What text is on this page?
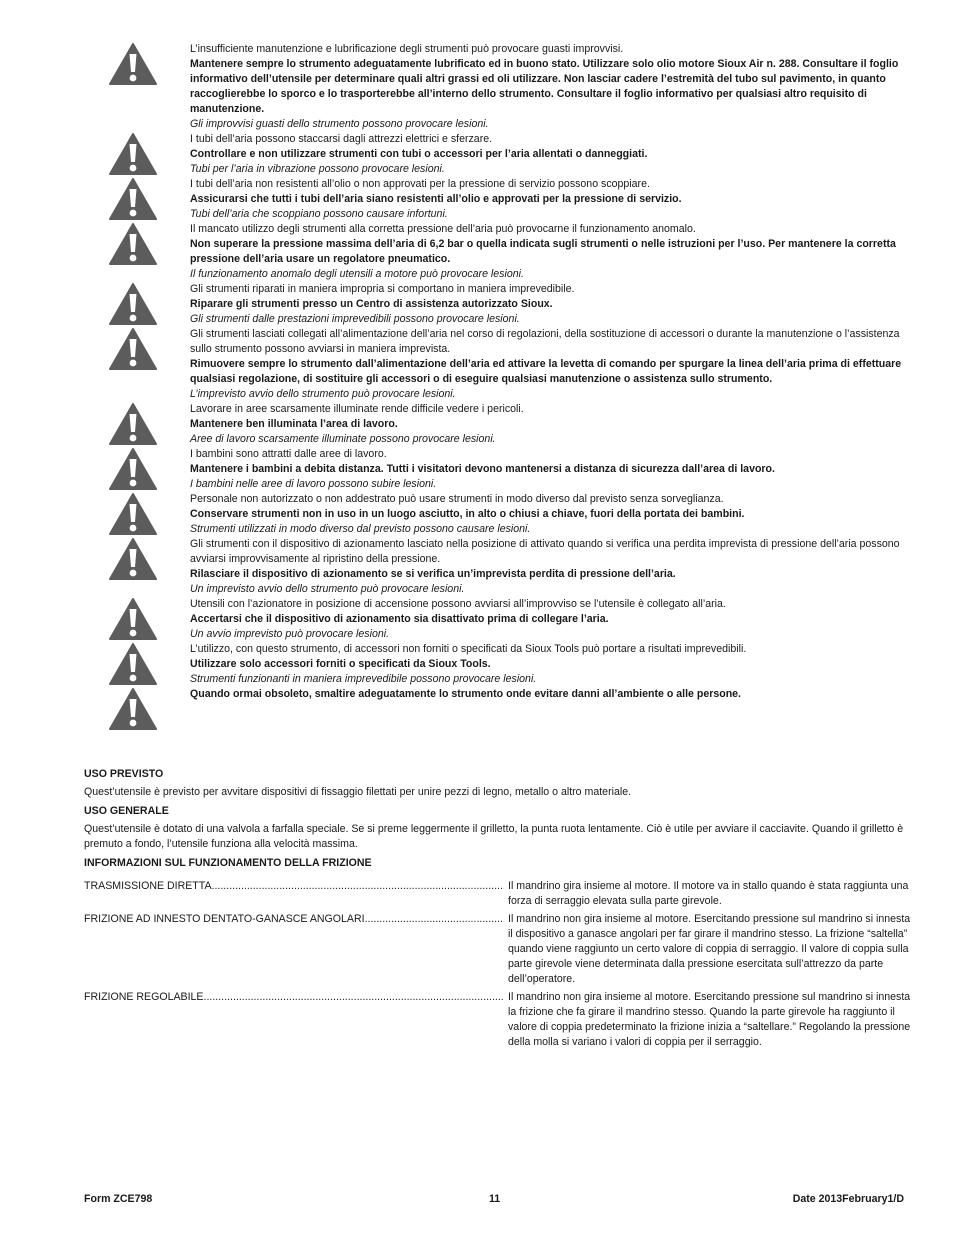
L’insufficiente manutenzione e lubrificazione degli strumenti può provocare guasti improvvisi.

Mantenere sempre lo strumento adeguatamente lubrificato ed in buono stato. Utilizzare solo olio motore Sioux Air n. 288. Consultare il foglio informativo dell’utensile per determinare quali altri grassi ed oli utilizzare. Non lasciar cadere l’estremità del tubo sul pavimento, in quanto raccoglierebbe lo sporco e lo trasporterebbe all’interno dello strumento. Consultare il foglio informativo per qualsiasi altro requisito di manutenzione.

Gli improvvisi guasti dello strumento possono provocare lesioni.

I tubi dell’aria possono staccarsi dagli attrezzi elettrici e sferzare.

Controllare e non utilizzare strumenti con tubi o accessori per l’aria allentati o danneggiati.

Tubi per l’aria in vibrazione possono provocare lesioni.

I tubi dell’aria non resistenti all’olio o non approvati per la pressione di servizio possono scoppiare.

Assicurarsi che tutti i tubi dell’aria siano resistenti all’olio e approvati per la pressione di servizio.

Tubi dell’aria che scoppiano possono causare infortuni.

Il mancato utilizzo degli strumenti alla corretta pressione dell’aria può provocarne il funzionamento anomalo.

Non superare la pressione massima dell’aria di 6,2 bar o quella indicata sugli strumenti o nelle istruzioni per l’uso. Per mantenere la corretta pressione dell’aria usare un regolatore pneumatico.

Il funzionamento anomalo degli utensili a motore può provocare lesioni.

Gli strumenti riparati in maniera impropria si comportano in maniera imprevedibile.

Riparare gli strumenti presso un Centro di assistenza autorizzato Sioux.

Gli strumenti dalle prestazioni imprevedibili possono provocare lesioni.

Gli strumenti lasciati collegati all’alimentazione dell’aria nel corso di regolazioni, della sostituzione di accessori o durante la manutenzione o l’assistenza sullo strumento possono avviarsi in maniera imprevista.

Rimuovere sempre lo strumento dall’alimentazione dell’aria ed attivare la levetta di comando per spurgare la linea dell’aria prima di effettuare qualsiasi regolazione, di sostituire gli accessori o di eseguire qualsiasi manutenzione o assistenza sullo strumento.

L’imprevisto avvio dello strumento può provocare lesioni.

Lavorare in aree scarsamente illuminate rende difficile vedere i pericoli.

Mantenere ben illuminata l’area di lavoro.

Aree di lavoro scarsamente illuminate possono provocare lesioni.

I bambini sono attratti dalle aree di lavoro.

Mantenere i bambini a debita distanza. Tutti i visitatori devono mantenersi a distanza di sicurezza dall’area di lavoro.

I bambini nelle aree di lavoro possono subire lesioni.

Personale non autorizzato o non addestrato può usare strumenti in modo diverso dal previsto senza sorveglianza.

Conservare strumenti non in uso in un luogo asciutto, in alto o chiusi a chiave, fuori della portata dei bambini.

Strumenti utilizzati in modo diverso dal previsto possono causare lesioni.

Gli strumenti con il dispositivo di azionamento lasciato nella posizione di attivato quando si verifica una perdita imprevista di pressione dell’aria possono avviarsi improvvisamente al ripristino della pressione.

Rilasciare il dispositivo di azionamento se si verifica un’imprevista perdita di pressione dell’aria.

Un imprevisto avvio dello strumento può provocare lesioni.

Utensili con l’azionatore in posizione di accensione possono avviarsi all’improvviso se l’utensile è collegato all’aria.

Accertarsi che il dispositivo di azionamento sia disattivato prima di collegare l’aria.

Un avvio imprevisto può provocare lesioni.

L’utilizzo, con questo strumento, di accessori non forniti o specificati da Sioux Tools può portare a risultati imprevedibili.

Utilizzare solo accessori forniti o specificati da Sioux Tools.

Strumenti funzionanti in maniera imprevedibile possono provocare lesioni.

Quando ormai obsoleto, smaltire adeguatamente lo strumento onde evitare danni all’ambiente o alle persone.

USO PREVISTO

Quest’utensile è previsto per avvitare dispositivi di fissaggio filettati per unire pezzi di legno, metallo o altro materiale.

USO GENERALE

Quest’utensile è dotato di una valvola a farfalla speciale. Se si preme leggermente il grilletto, la punta ruota lentamente. Ciò è utile per avviare il cacciavite. Quando il grilletto è premuto a fondo, l’utensile funziona alla velocità massima.

INFORMAZIONI SUL FUNZIONAMENTO DELLA FRIZIONE
TRASMISSIONE DIRETTA .....	Il mandrino gira insieme al motore. Il motore va in stallo quando è stata raggiunta una forza di serraggio elevata sulla parte girevole.
FRIZIONE AD INNESTO DENTATO-GANASCE ANGOLARI .....	Il mandrino non gira insieme al motore. Esercitando pressione sul mandrino si innesta il dispositivo a ganasce angolari per far girare il mandrino stesso. La frizione “saltella” quando viene raggiunto un certo valore di coppia di serraggio. Il valore di coppia sulla parte girevole viene determinata dalla pressione esercitata sull’attrezzo da parte dell’operatore.
FRIZIONE REGOLABILE .....	Il mandrino non gira insieme al motore. Esercitando pressione sul mandrino si innesta la frizione che fa girare il mandrino stesso. Quando la parte girevole ha raggiunto il valore di coppia predeterminato la frizione inizia a “saltellare.” Regolando la pressione della molla si variano i valori di coppia per il serraggio.
Form ZCE798	11	Date 2013February1/D
